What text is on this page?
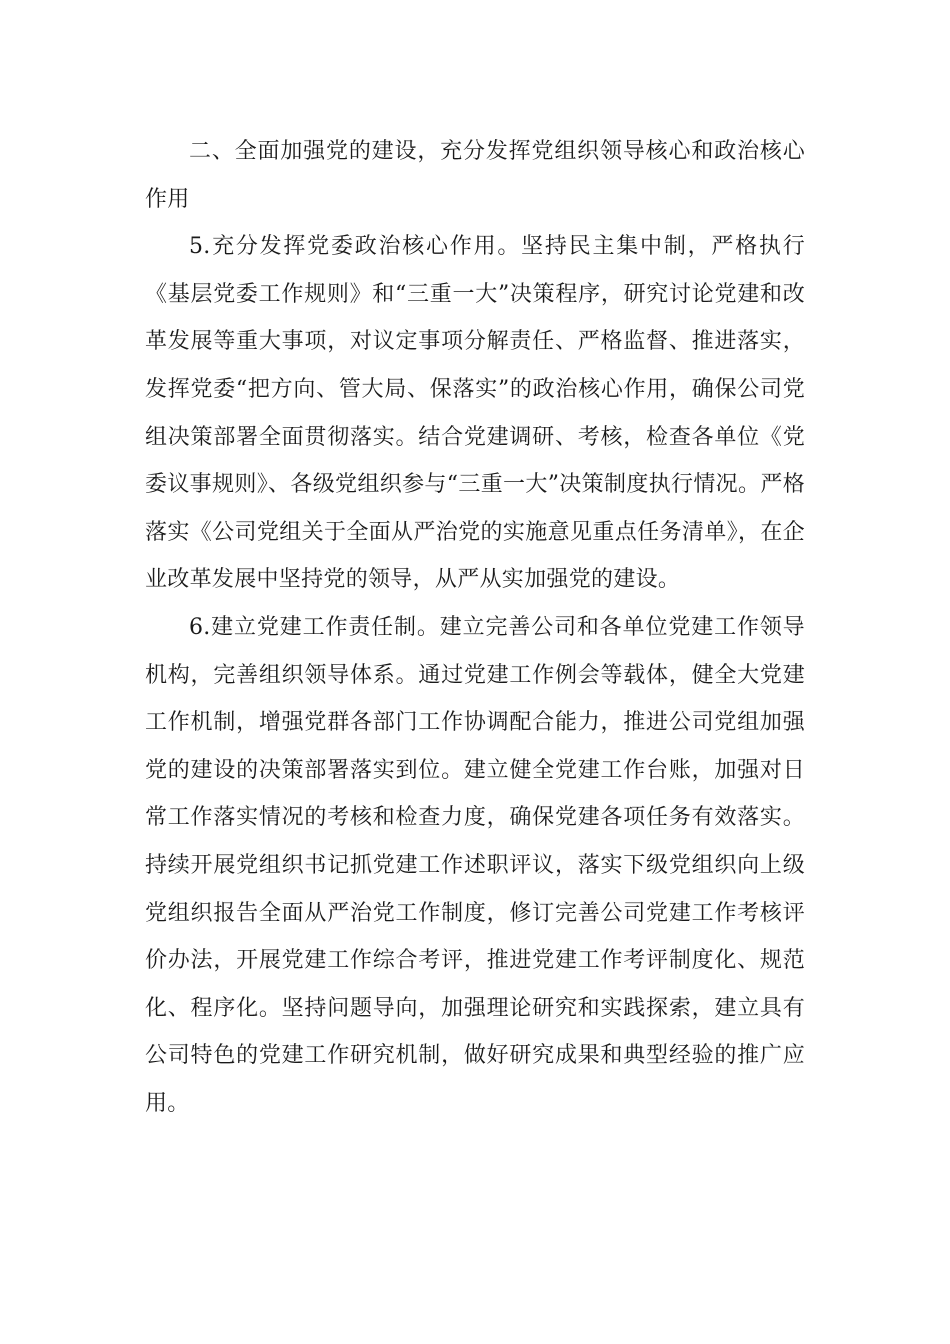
二、全面加强党的建设，充分发挥党组织领导核心和政治核心作用

5.充分发挥党委政治核心作用。坚持民主集中制，严格执行《基层党委工作规则》和“三重一大”决策程序，研究讨论党建和改革发展等重大事项，对议定事项分解责任、严格监督、推进落实，发挥党委“把方向、管大局、保落实”的政治核心作用，确保公司党组决策部署全面贯彻落实。结合党建调研、考核，检查各单位《党委议事规则》、各级党组织参与“三重一大”决策制度执行情况。严格落实《公司党组关于全面从严治党的实施意见重点任务清单》，在企业改革发展中坚持党的领导，从严从实加强党的建设。

6.建立党建工作责任制。建立完善公司和各单位党建工作领导机构，完善组织领导体系。通过党建工作例会等载体，健全大党建工作机制，增强党群各部门工作协调配合能力，推进公司党组加强党的建设的决策部署落实到位。建立健全党建工作台账，加强对日常工作落实情况的考核和检查力度，确保党建各项任务有效落实。持续开展党组织书记抓党建工作述职评议，落实下级党组织向上级党组织报告全面从严治党工作制度，修订完善公司党建工作考核评价办法，开展党建工作综合考评，推进党建工作考评制度化、规范化、程序化。坚持问题导向，加强理论研究和实践探索，建立具有公司特色的党建工作研究机制，做好研究成果和典型经验的推广应用。
